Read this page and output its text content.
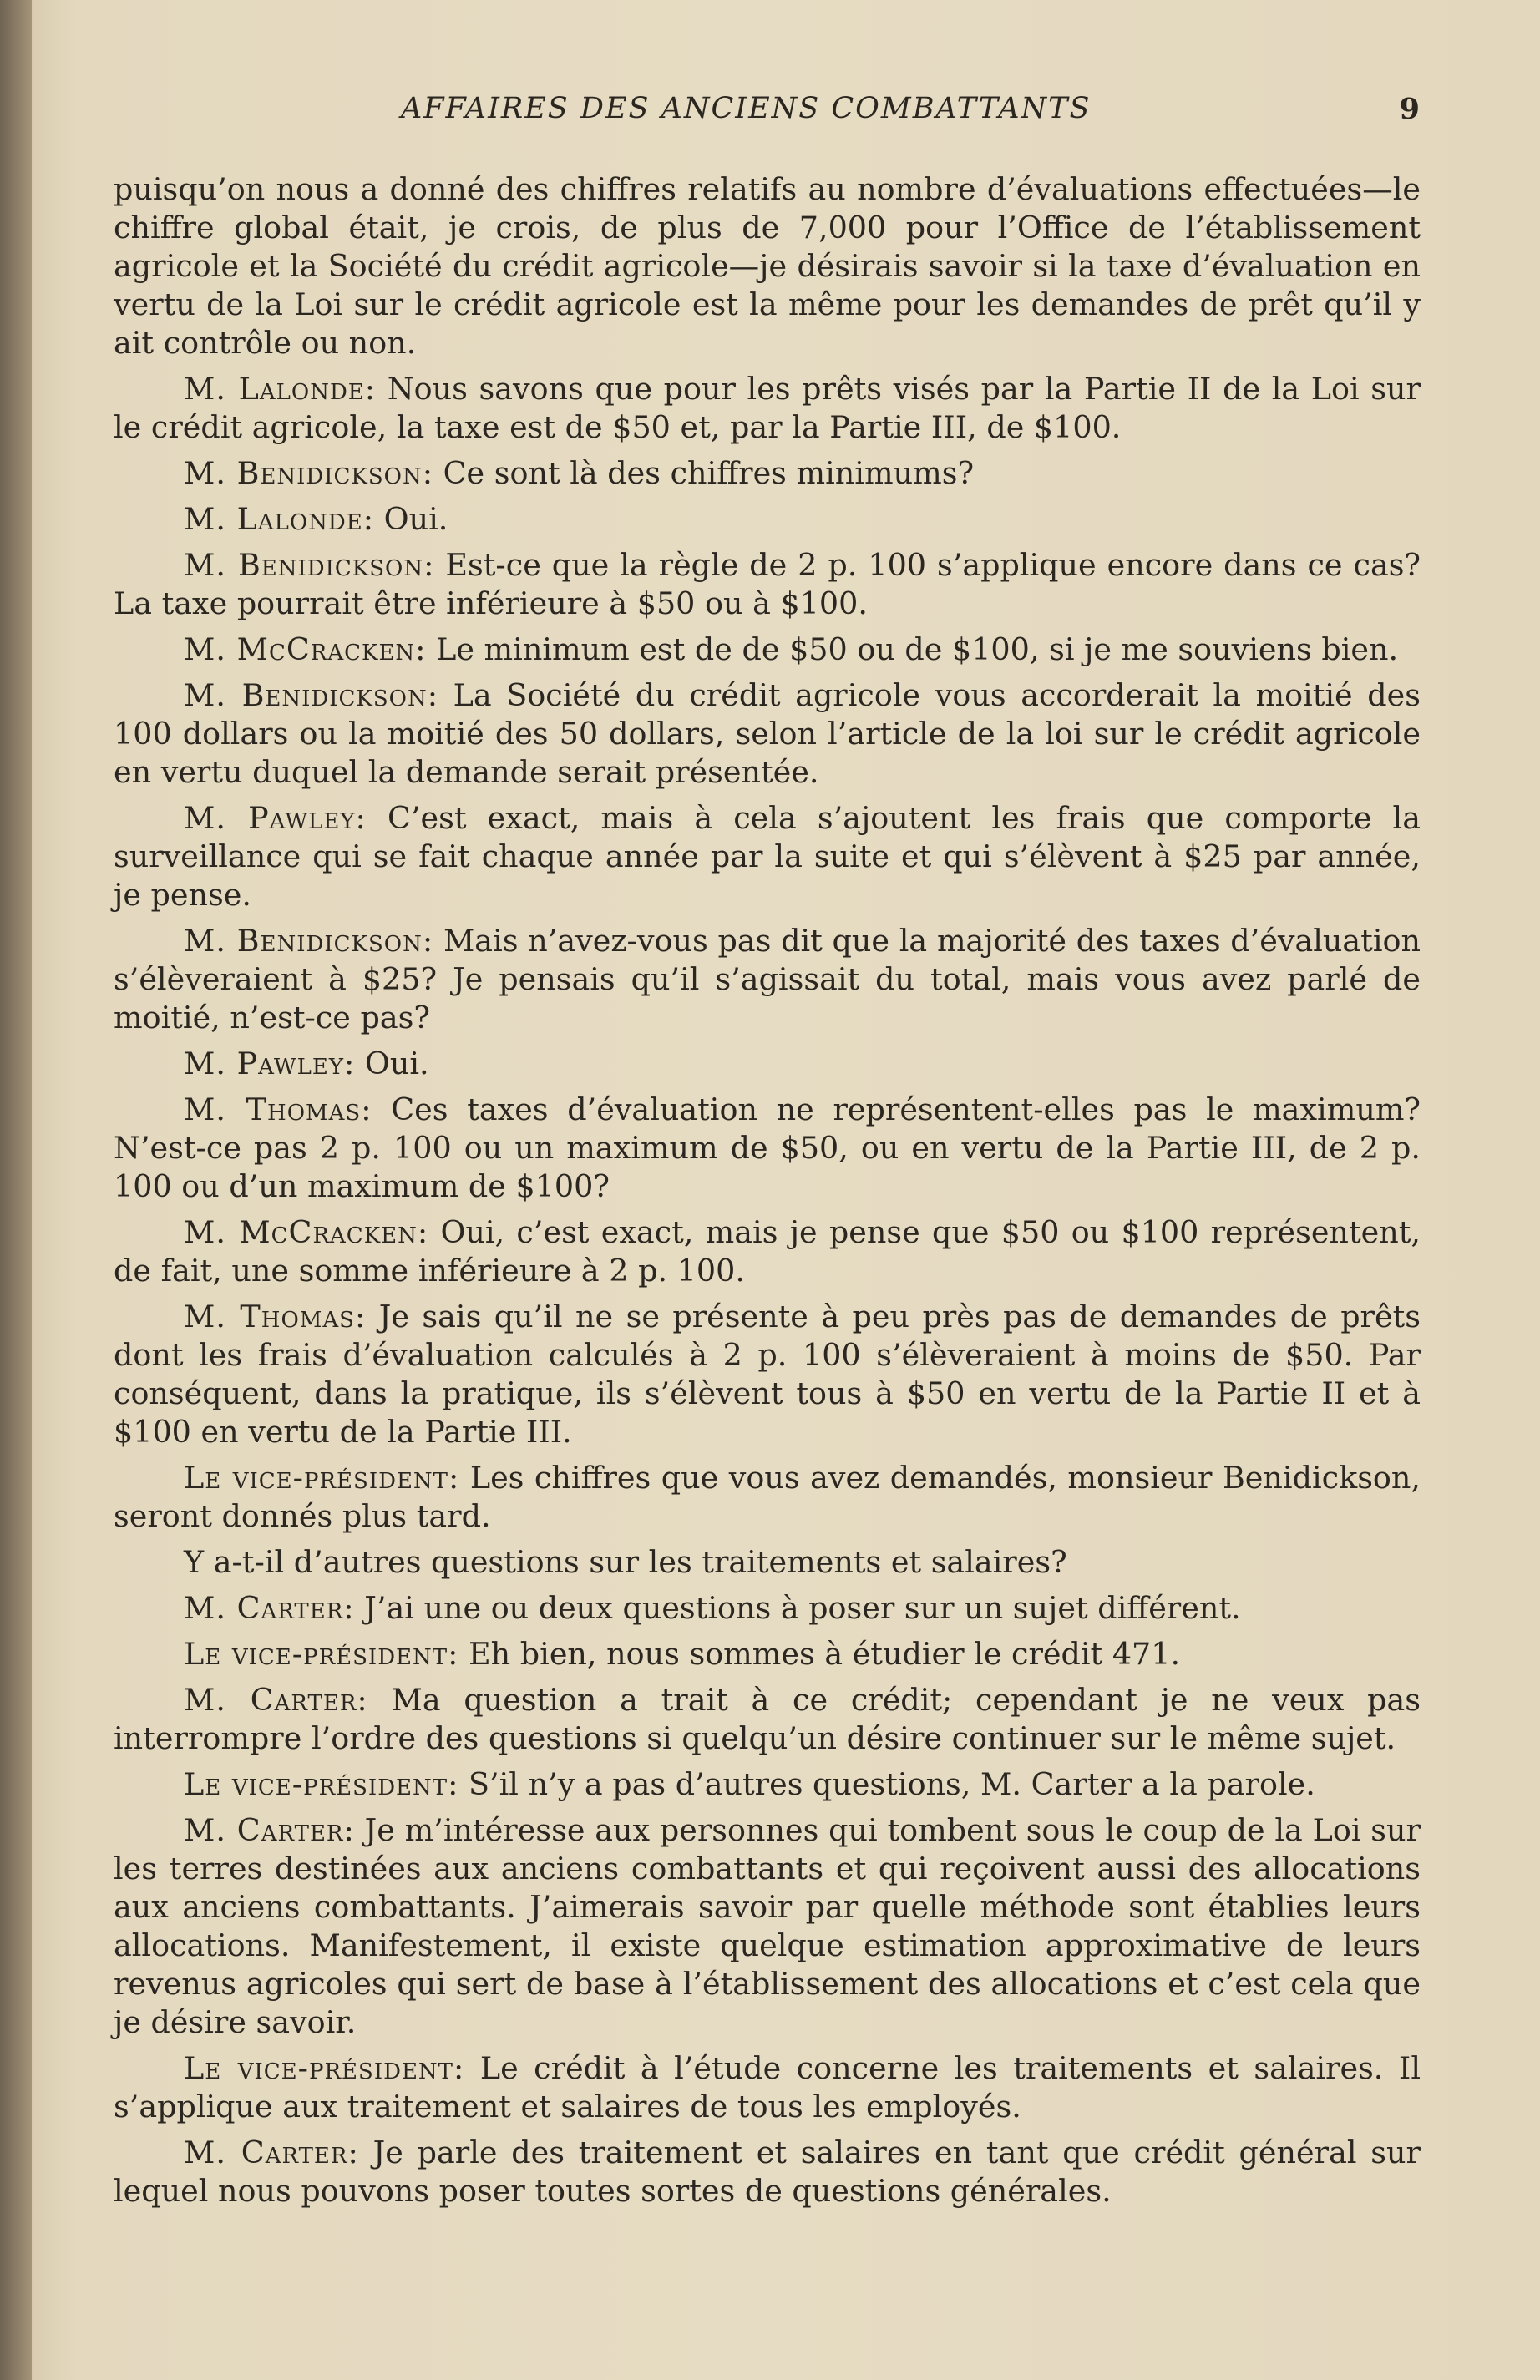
AFFAIRES DES ANCIENS COMBATTANTS	9

puisqu’on nous a donné des chiffres relatifs au nombre d’évaluations effectuées—le chiffre global était, je crois, de plus de 7,000 pour l’Office de l’établissement agricole et la Société du crédit agricole—je désirais savoir si la taxe d’évaluation en vertu de la Loi sur le crédit agricole est la même pour les demandes de prêt qu’il y ait contrôle ou non.

M. Lalonde: Nous savons que pour les prêts visés par la Partie II de la Loi sur le crédit agricole, la taxe est de $50 et, par la Partie III, de $100.

M. Benidickson: Ce sont là des chiffres minimums?

M. Lalonde: Oui.

M. Benidickson: Est-ce que la règle de 2 p. 100 s’applique encore dans ce cas? La taxe pourrait être inférieure à $50 ou à $100.

M. McCracken: Le minimum est de de $50 ou de $100, si je me souviens bien.

M. Benidickson: La Société du crédit agricole vous accorderait la moitié des 100 dollars ou la moitié des 50 dollars, selon l’article de la loi sur le crédit agricole en vertu duquel la demande serait présentée.

M. Pawley: C’est exact, mais à cela s’ajoutent les frais que comporte la surveillance qui se fait chaque année par la suite et qui s’élèvent à $25 par année, je pense.

M. Benidickson: Mais n’avez-vous pas dit que la majorité des taxes d’évaluation s’élèveraient à $25? Je pensais qu’il s’agissait du total, mais vous avez parlé de moitié, n’est-ce pas?

M. Pawley: Oui.

M. Thomas: Ces taxes d’évaluation ne représentent-elles pas le maximum? N’est-ce pas 2 p. 100 ou un maximum de $50, ou en vertu de la Partie III, de 2 p. 100 ou d’un maximum de $100?

M. McCracken: Oui, c’est exact, mais je pense que $50 ou $100 représentent, de fait, une somme inférieure à 2 p. 100.

M. Thomas: Je sais qu’il ne se présente à peu près pas de demandes de prêts dont les frais d’évaluation calculés à 2 p. 100 s’élèveraient à moins de $50. Par conséquent, dans la pratique, ils s’élèvent tous à $50 en vertu de la Partie II et à $100 en vertu de la Partie III.

Le vice-président: Les chiffres que vous avez demandés, monsieur Benidickson, seront donnés plus tard.

Y a-t-il d’autres questions sur les traitements et salaires?

M. Carter: J’ai une ou deux questions à poser sur un sujet différent.

Le vice-président: Eh bien, nous sommes à étudier le crédit 471.

M. Carter: Ma question a trait à ce crédit; cependant je ne veux pas interrompre l’ordre des questions si quelqu’un désire continuer sur le même sujet.

Le vice-président: S’il n’y a pas d’autres questions, M. Carter a la parole.

M. Carter: Je m’intéresse aux personnes qui tombent sous le coup de la Loi sur les terres destinées aux anciens combattants et qui reçoivent aussi des allocations aux anciens combattants. J’aimerais savoir par quelle méthode sont établies leurs allocations. Manifestement, il existe quelque estimation approximative de leurs revenus agricoles qui sert de base à l’établissement des allocations et c’est cela que je désire savoir.

Le vice-président: Le crédit à l’étude concerne les traitements et salaires. Il s’applique aux traitement et salaires de tous les employés.

M. Carter: Je parle des traitement et salaires en tant que crédit général sur lequel nous pouvons poser toutes sortes de questions générales.
